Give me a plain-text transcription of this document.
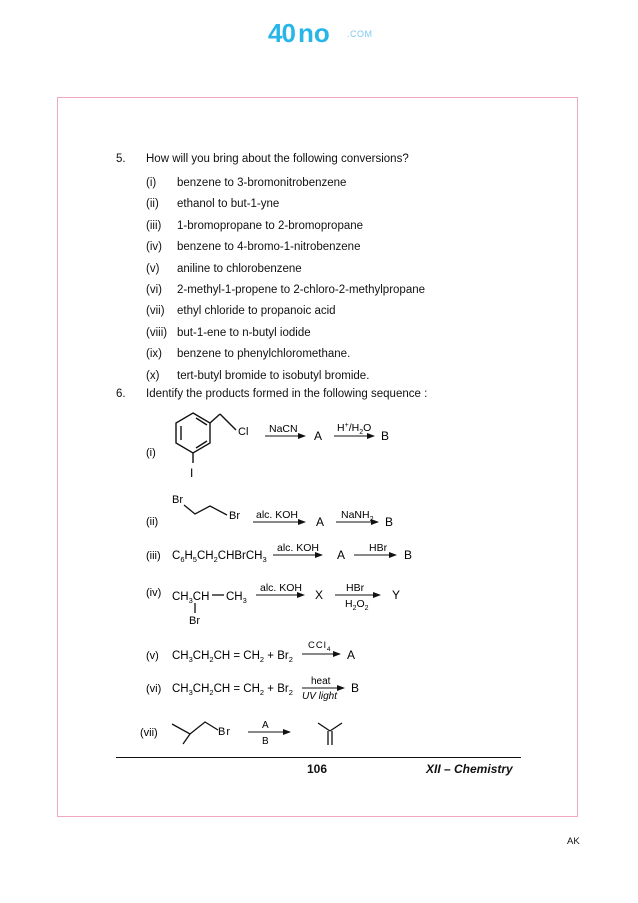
40 no .COM
5. How will you bring about the following conversions?
(i) benzene to 3-bromonitrobenzene
(ii) ethanol to but-1-yne
(iii) 1-bromopropane to 2-bromopropane
(iv) benzene to 4-bromo-1-nitrobenzene
(v) aniline to chlorobenzene
(vi) 2-methyl-1-propene to 2-chloro-2-methylpropane
(vii) ethyl chloride to propanoic acid
(viii) but-1-ene to n-butyl iodide
(ix) benzene to phenylchloromethane.
(x) tert-butyl bromide to isobutyl bromide.
6. Identify the products formed in the following sequence :
Cl
I
(i)
NaCN A
$H^+/H_2O$
B
Br
Br
(ii)
alc. KOH A NaNH$_2$ B
(iii) $C_6H_5CH_2CHBrCH_3$
alc. KOH A HBr B
(iv) $CH_3CH$ $CH_3$
Br
alc. KOH X HBr
$H_2O_2$
Y
(v) $CH_3CH_2CH = CH_2 + Br_2$
CCl$_4$ A
(vi) $CH_3CH_2CH = CH_2 + Br_2$
heat
UV light
B
(vii)	Br
A
B
106	XII – Chemistry
AK
